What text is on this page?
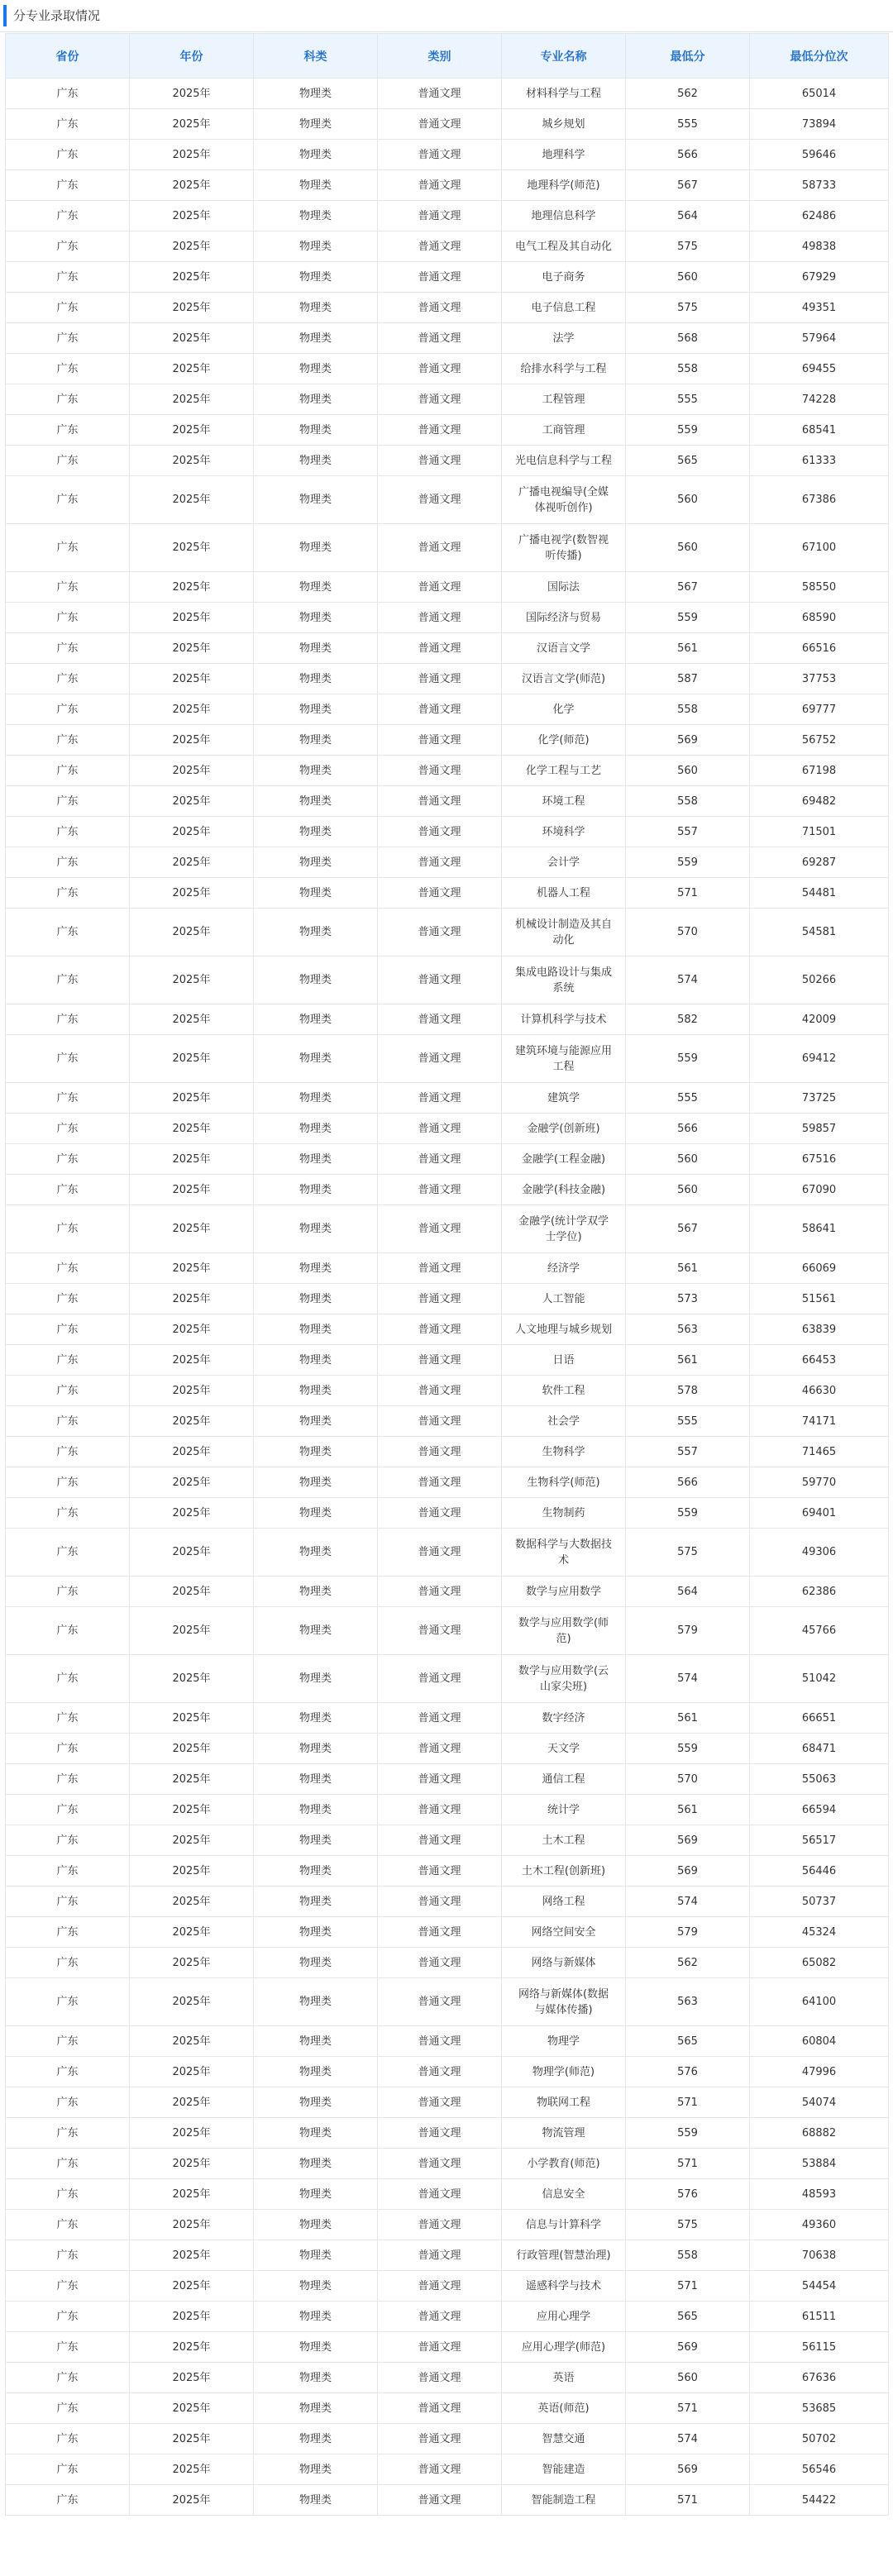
分专业录取情况
省份	年份	科类	类别	专业名称	最低分	最低分位次
广东	2025年	物理类	普通文理	材料科学与工程	562	65014
广东	2025年	物理类	普通文理	城乡规划	555	73894
广东	2025年	物理类	普通文理	地理科学	566	59646
广东	2025年	物理类	普通文理	地理科学(师范)	567	58733
广东	2025年	物理类	普通文理	地理信息科学	564	62486
广东	2025年	物理类	普通文理	电气工程及其自动化	575	49838
广东	2025年	物理类	普通文理	电子商务	560	67929
广东	2025年	物理类	普通文理	电子信息工程	575	49351
广东	2025年	物理类	普通文理	法学	568	57964
广东	2025年	物理类	普通文理	给排水科学与工程	558	69455
广东	2025年	物理类	普通文理	工程管理	555	74228
广东	2025年	物理类	普通文理	工商管理	559	68541
广东	2025年	物理类	普通文理	光电信息科学与工程	565	61333
广东	2025年	物理类	普通文理	广播电视编导(全媒体视听创作)	560	67386
广东	2025年	物理类	普通文理	广播电视学(数智视听传播)	560	67100
广东	2025年	物理类	普通文理	国际法	567	58550
广东	2025年	物理类	普通文理	国际经济与贸易	559	68590
广东	2025年	物理类	普通文理	汉语言文学	561	66516
广东	2025年	物理类	普通文理	汉语言文学(师范)	587	37753
广东	2025年	物理类	普通文理	化学	558	69777
广东	2025年	物理类	普通文理	化学(师范)	569	56752
广东	2025年	物理类	普通文理	化学工程与工艺	560	67198
广东	2025年	物理类	普通文理	环境工程	558	69482
广东	2025年	物理类	普通文理	环境科学	557	71501
广东	2025年	物理类	普通文理	会计学	559	69287
广东	2025年	物理类	普通文理	机器人工程	571	54481
广东	2025年	物理类	普通文理	机械设计制造及其自动化	570	54581
广东	2025年	物理类	普通文理	集成电路设计与集成系统	574	50266
广东	2025年	物理类	普通文理	计算机科学与技术	582	42009
广东	2025年	物理类	普通文理	建筑环境与能源应用工程	559	69412
广东	2025年	物理类	普通文理	建筑学	555	73725
广东	2025年	物理类	普通文理	金融学(创新班)	566	59857
广东	2025年	物理类	普通文理	金融学(工程金融)	560	67516
广东	2025年	物理类	普通文理	金融学(科技金融)	560	67090
广东	2025年	物理类	普通文理	金融学(统计学双学士学位)	567	58641
广东	2025年	物理类	普通文理	经济学	561	66069
广东	2025年	物理类	普通文理	人工智能	573	51561
广东	2025年	物理类	普通文理	人文地理与城乡规划	563	63839
广东	2025年	物理类	普通文理	日语	561	66453
广东	2025年	物理类	普通文理	软件工程	578	46630
广东	2025年	物理类	普通文理	社会学	555	74171
广东	2025年	物理类	普通文理	生物科学	557	71465
广东	2025年	物理类	普通文理	生物科学(师范)	566	59770
广东	2025年	物理类	普通文理	生物制药	559	69401
广东	2025年	物理类	普通文理	数据科学与大数据技术	575	49306
广东	2025年	物理类	普通文理	数学与应用数学	564	62386
广东	2025年	物理类	普通文理	数学与应用数学(师范)	579	45766
广东	2025年	物理类	普通文理	数学与应用数学(云山家尖班)	574	51042
广东	2025年	物理类	普通文理	数字经济	561	66651
广东	2025年	物理类	普通文理	天文学	559	68471
广东	2025年	物理类	普通文理	通信工程	570	55063
广东	2025年	物理类	普通文理	统计学	561	66594
广东	2025年	物理类	普通文理	土木工程	569	56517
广东	2025年	物理类	普通文理	土木工程(创新班)	569	56446
广东	2025年	物理类	普通文理	网络工程	574	50737
广东	2025年	物理类	普通文理	网络空间安全	579	45324
广东	2025年	物理类	普通文理	网络与新媒体	562	65082
广东	2025年	物理类	普通文理	网络与新媒体(数据与媒体传播)	563	64100
广东	2025年	物理类	普通文理	物理学	565	60804
广东	2025年	物理类	普通文理	物理学(师范)	576	47996
广东	2025年	物理类	普通文理	物联网工程	571	54074
广东	2025年	物理类	普通文理	物流管理	559	68882
广东	2025年	物理类	普通文理	小学教育(师范)	571	53884
广东	2025年	物理类	普通文理	信息安全	576	48593
广东	2025年	物理类	普通文理	信息与计算科学	575	49360
广东	2025年	物理类	普通文理	行政管理(智慧治理)	558	70638
广东	2025年	物理类	普通文理	遥感科学与技术	571	54454
广东	2025年	物理类	普通文理	应用心理学	565	61511
广东	2025年	物理类	普通文理	应用心理学(师范)	569	56115
广东	2025年	物理类	普通文理	英语	560	67636
广东	2025年	物理类	普通文理	英语(师范)	571	53685
广东	2025年	物理类	普通文理	智慧交通	574	50702
广东	2025年	物理类	普通文理	智能建造	569	56546
广东	2025年	物理类	普通文理	智能制造工程	571	54422
